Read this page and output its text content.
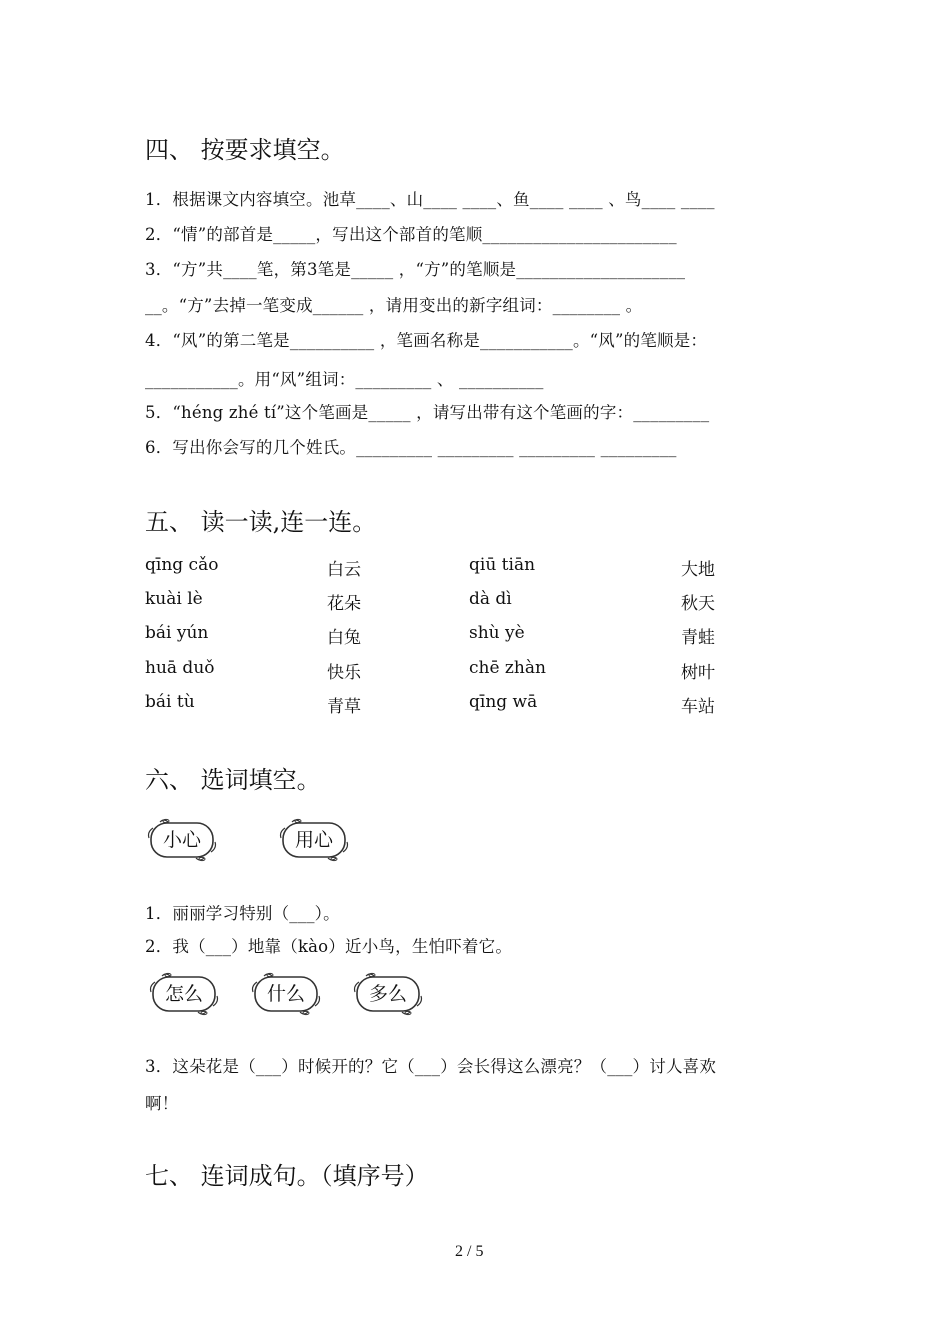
四、 按要求填空。
1．根据课文内容填空。池草____、山____ ____、鱼____ ____ 、鸟____ ____
2．“情”的部首是_____，写出这个部首的笔顺_______________________
3．“方”共____笔，第3笔是_____ ，“方”的笔顺是____________________
__。“方”去掉一笔变成______ ，请用变出的新字组词：________ 。
4．“风”的第二笔是__________ ，笔画名称是___________。“风”的笔顺是：
___________。用“风”组词：_________ 、 __________
5．“héng zhé tí”这个笔画是_____ ，请写出带有这个笔画的字：_________
6．写出你会写的几个姓氏。_________ _________ _________ _________
五、 读一读,连一连。
qīng cǎo	白云	qiū tiān	大地
kuài lè	花朵	dà dì	秋天
bái yún	白兔	shù yè	青蛙
huā duǒ	快乐	chē zhàn	树叶
bái tù	青草	qīng wā	车站
六、 选词填空。
小心	用心
1．丽丽学习特别（___）。
2．我（___）地靠（kào）近小鸟，生怕吓着它。
怎么	什么	多么
3．这朵花是（___）时候开的？它（___）会长得这么漂亮？（___）讨人喜欢
啊！
七、 连词成句。（填序号）
2 / 5
